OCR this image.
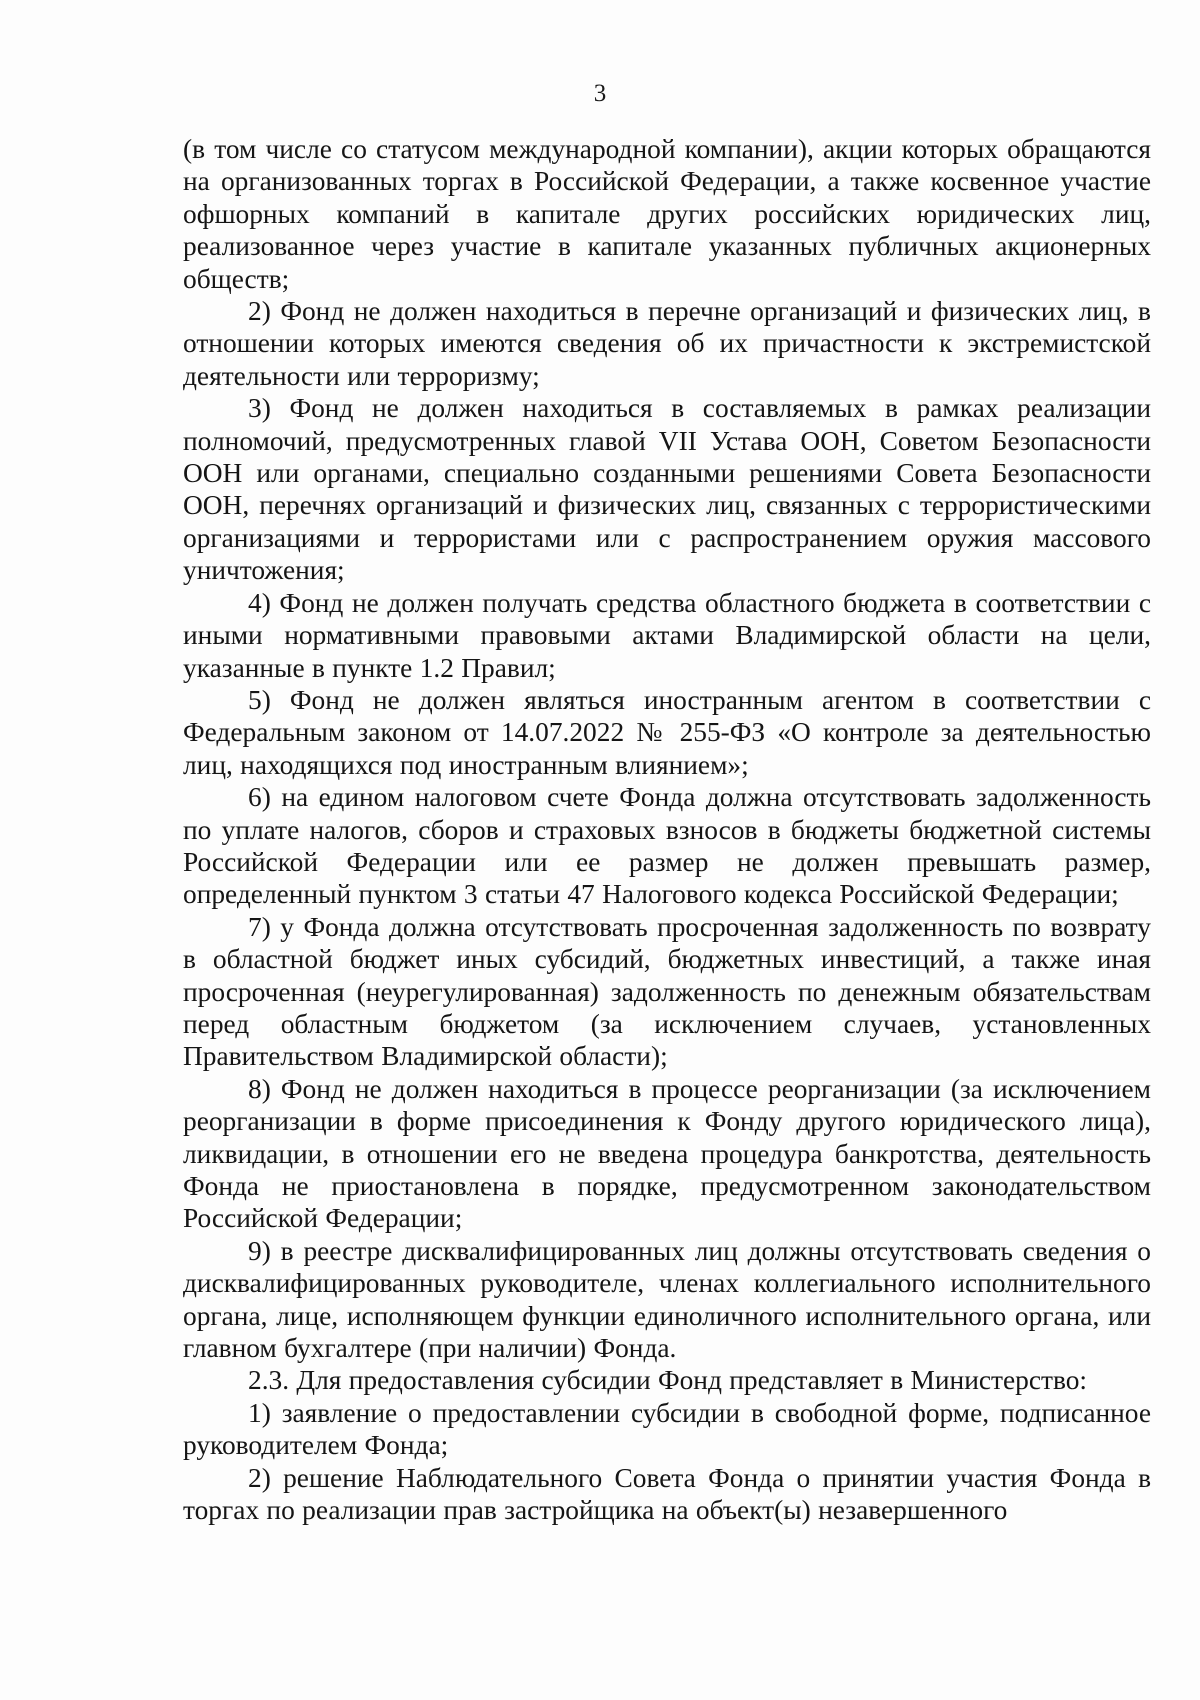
3

(в том числе со статусом международной компании), акции которых обращаются на организованных торгах в Российской Федерации, а также косвенное участие офшорных компаний в капитале других российских юридических лиц, реализованное через участие в капитале указанных публичных акционерных обществ;

2) Фонд не должен находиться в перечне организаций и физических лиц, в отношении которых имеются сведения об их причастности к экстремистской деятельности или терроризму;

3) Фонд не должен находиться в составляемых в рамках реализации полномочий, предусмотренных главой VII Устава ООН, Советом Безопасности ООН или органами, специально созданными решениями Совета Безопасности ООН, перечнях организаций и физических лиц, связанных с террористическими организациями и террористами или с распространением оружия массового уничтожения;

4) Фонд не должен получать средства областного бюджета в соответствии с иными нормативными правовыми актами Владимирской области на цели, указанные в пункте 1.2 Правил;

5) Фонд не должен являться иностранным агентом в соответствии с Федеральным законом от 14.07.2022 № 255-ФЗ «О контроле за деятельностью лиц, находящихся под иностранным влиянием»;

6) на едином налоговом счете Фонда должна отсутствовать задолженность по уплате налогов, сборов и страховых взносов в бюджеты бюджетной системы Российской Федерации или ее размер не должен превышать размер, определенный пунктом 3 статьи 47 Налогового кодекса Российской Федерации;

7) у Фонда должна отсутствовать просроченная задолженность по возврату в областной бюджет иных субсидий, бюджетных инвестиций, а также иная просроченная (неурегулированная) задолженность по денежным обязательствам перед областным бюджетом (за исключением случаев, установленных Правительством Владимирской области);

8) Фонд не должен находиться в процессе реорганизации (за исключением реорганизации в форме присоединения к Фонду другого юридического лица), ликвидации, в отношении его не введена процедура банкротства, деятельность Фонда не приостановлена в порядке, предусмотренном законодательством Российской Федерации;

9) в реестре дисквалифицированных лиц должны отсутствовать сведения о дисквалифицированных руководителе, членах коллегиального исполнительного органа, лице, исполняющем функции единоличного исполнительного органа, или главном бухгалтере (при наличии) Фонда.

2.3. Для предоставления субсидии Фонд представляет в Министерство:

1) заявление о предоставлении субсидии в свободной форме, подписанное руководителем Фонда;

2) решение Наблюдательного Совета Фонда о принятии участия Фонда в торгах по реализации прав застройщика на объект(ы) незавершенного
